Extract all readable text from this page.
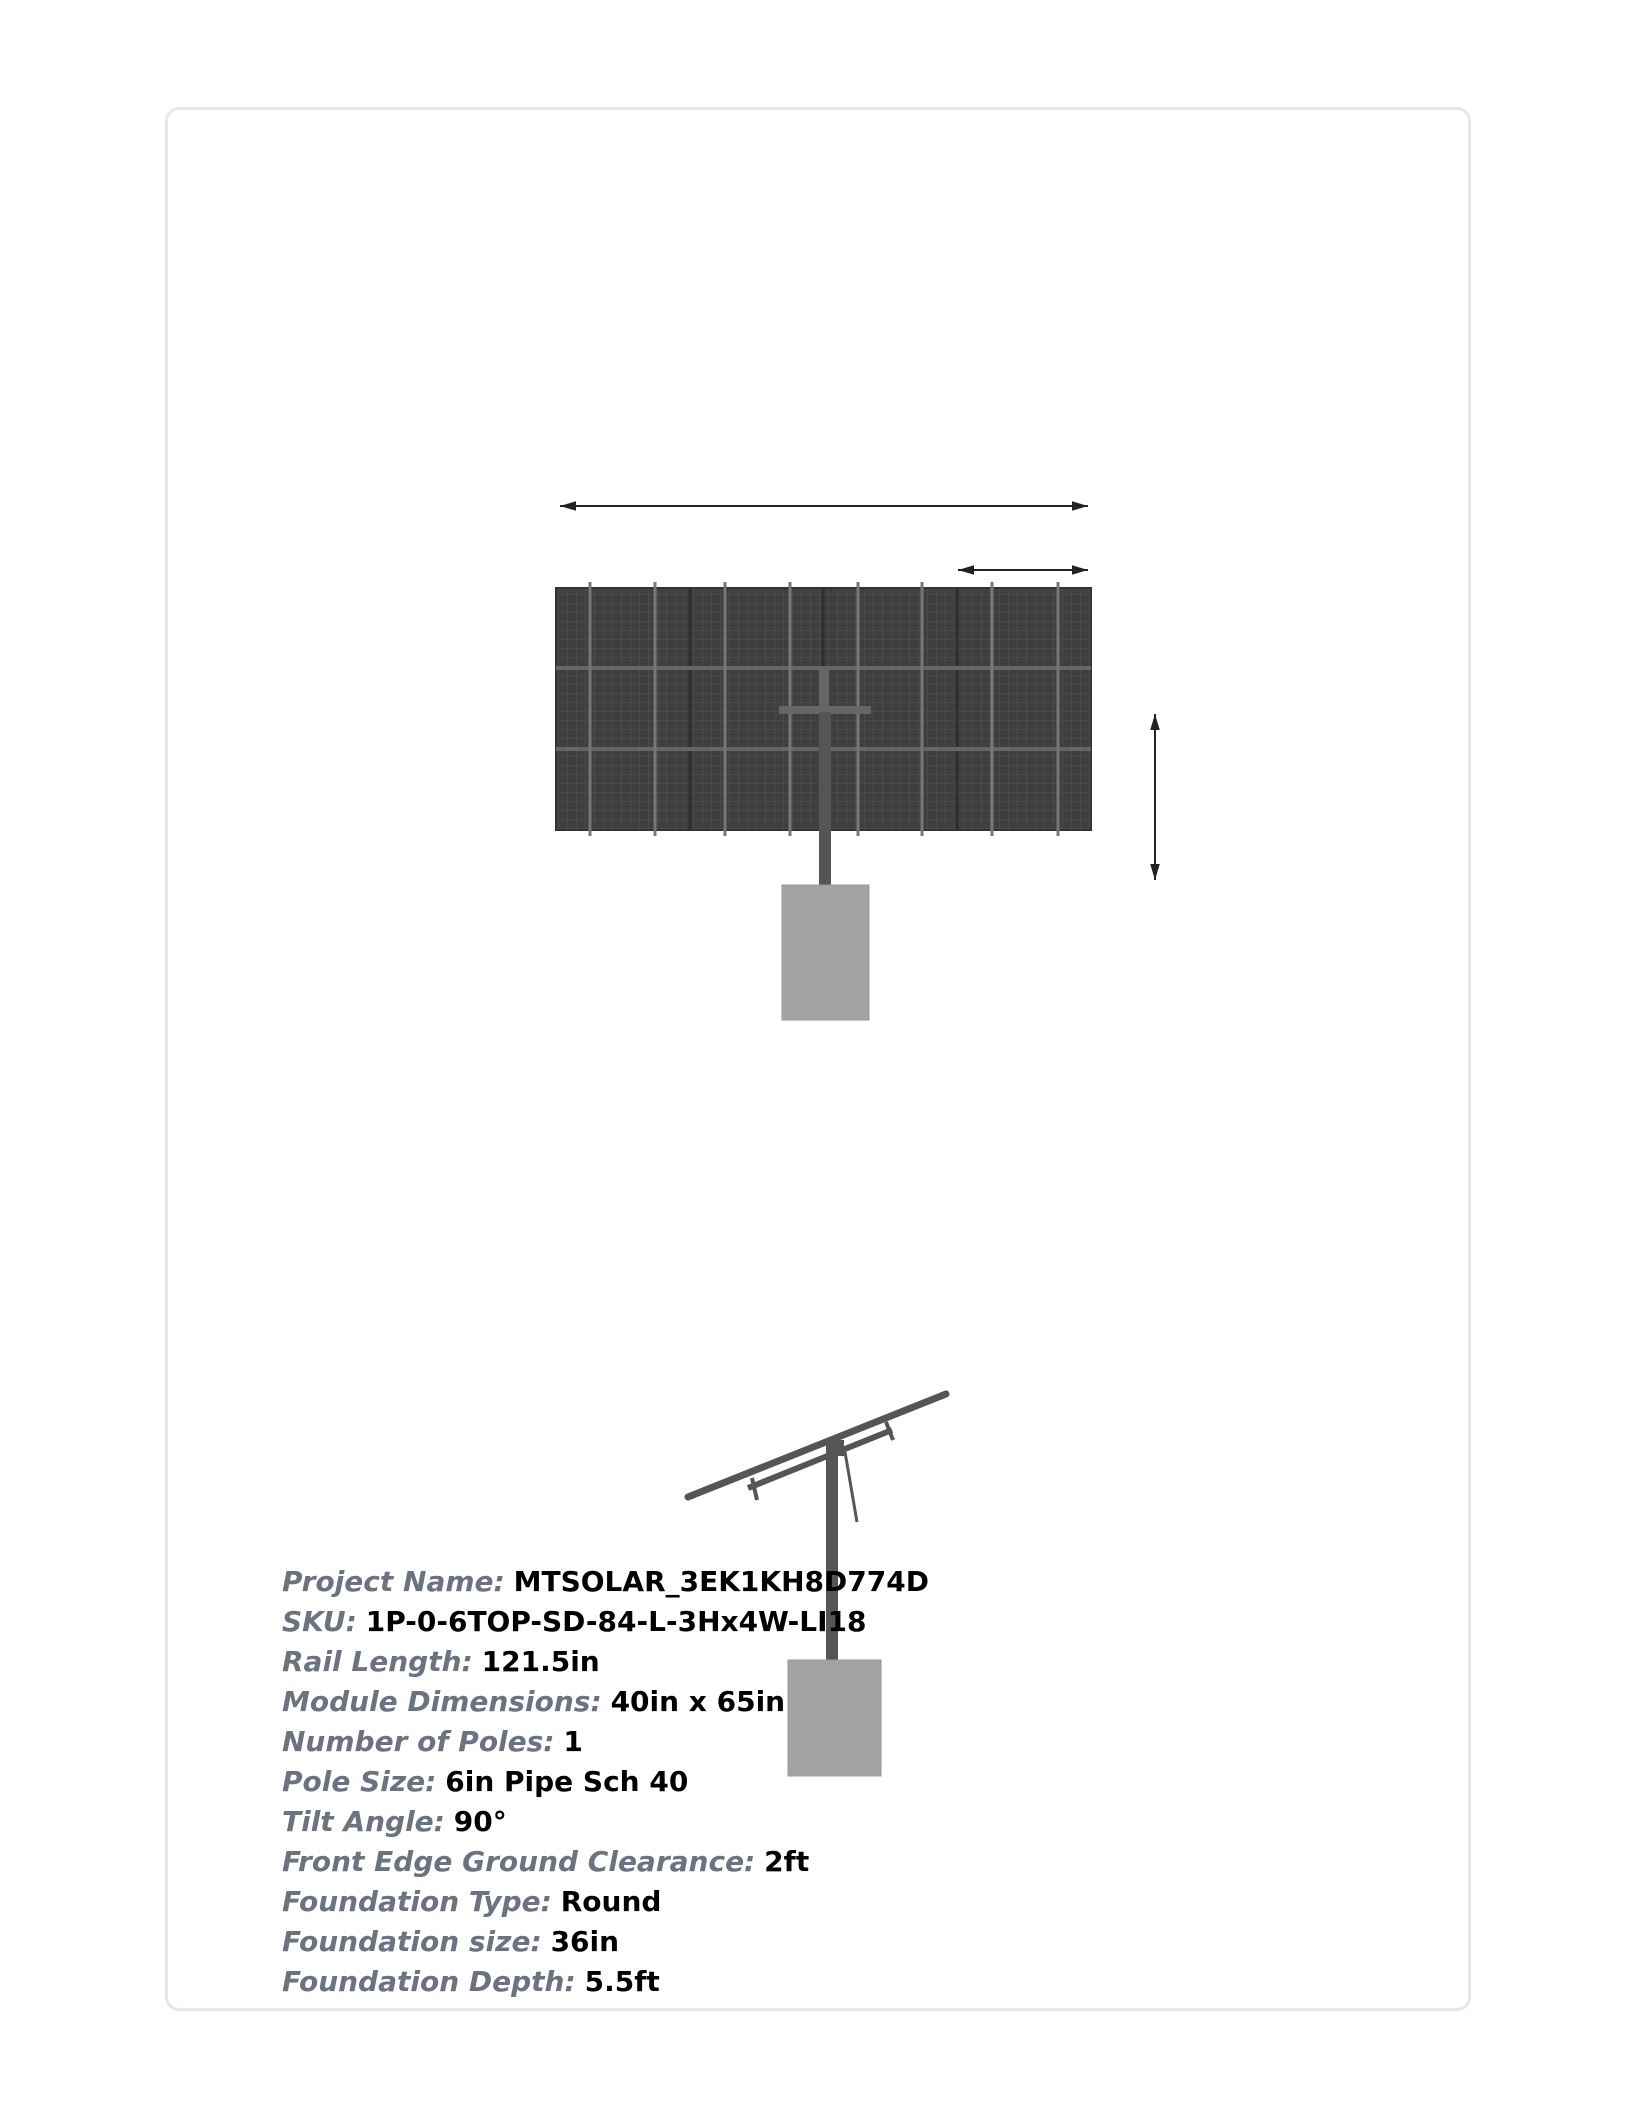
Project Name: MTSOLAR_3EK1KH8D774D
SKU: 1P-0-6TOP-SD-84-L-3Hx4W-LI18
Rail Length: 121.5in
Module Dimensions: 40in x 65in
Number of Poles: 1
Pole Size: 6in Pipe Sch 40
Tilt Angle: 90°
Front Edge Ground Clearance: 2ft
Foundation Type: Round
Foundation size: 36in
Foundation Depth: 5.5ft
